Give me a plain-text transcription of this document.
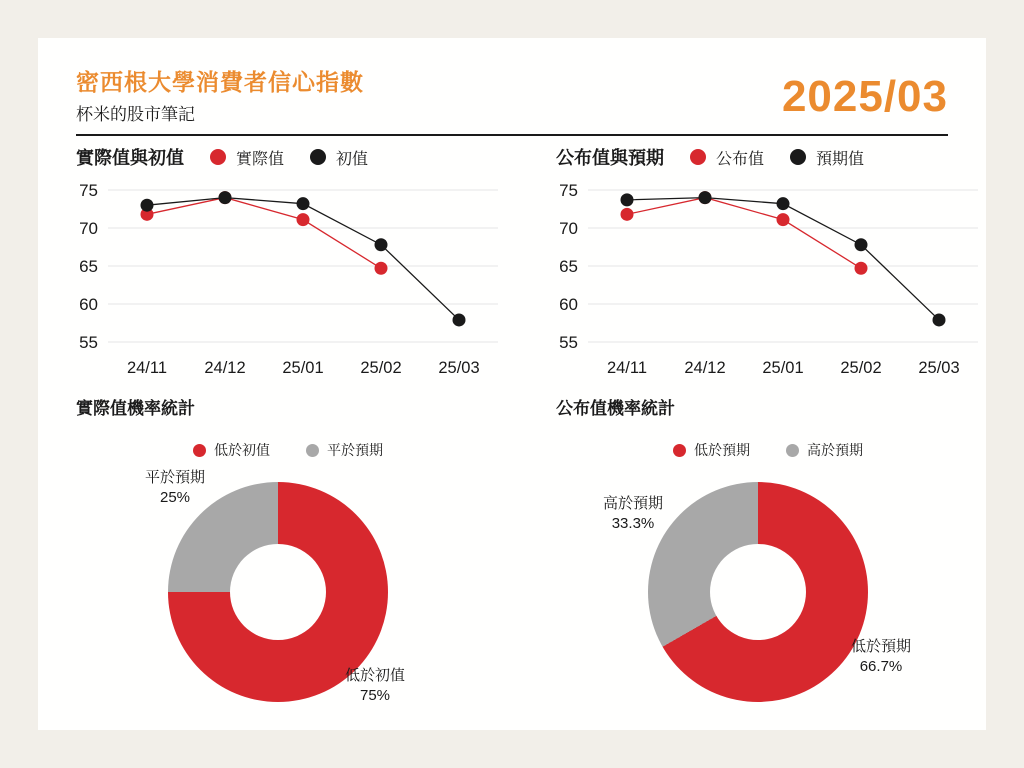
密西根大學消費者信心指數
杯米的股市筆記	2025/03
實際值與初值	實際值	初值
55
60
65
70
75
24/11 24/12 25/01 25/02 25/03
公布值與預期	公布值	預期值
55
60
65
70
75
24/11 24/12 25/01 25/02 25/03
實際值機率統計
低於初值	平於預期
平於預期
25%
低於初值
75%
公布值機率統計
低於預期	高於預期
高於預期
33.3%
低於預期
66.7%
